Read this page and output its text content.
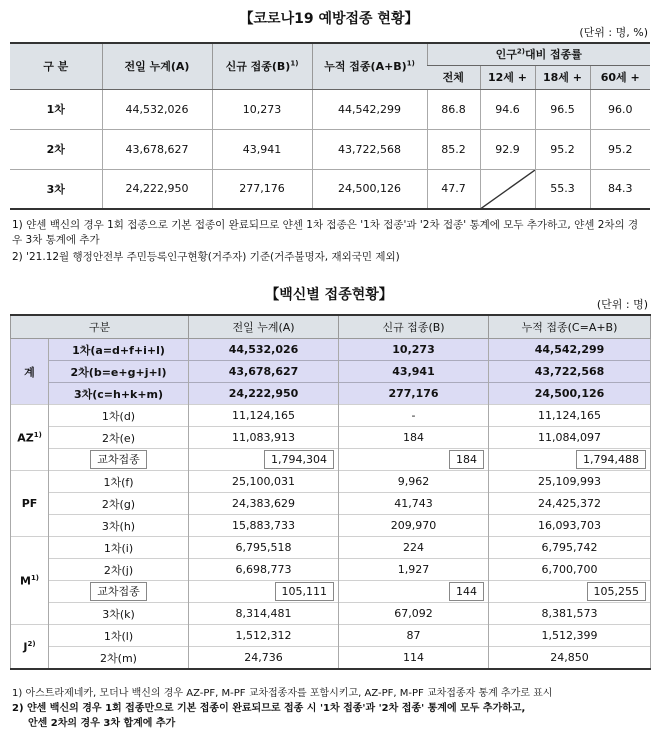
【코로나19 예방접종 현황】
(단위 : 명, %)
구 분	전일 누계(A)	신규 접종$(B)^{1)}$	누적 접종$(A+B)^{1)}$	인구$^{2)}$대비 접종률			
				전체	12세 +	18세 +	60세 +
1차	44,532,026	10,273	44,542,299	86.8	94.6	96.5	96.0
2차	43,678,627	43,941	43,722,568	85.2	92.9	95.2	95.2
3차	24,222,950	277,176	24,500,126	47.7		55.3	84.3
1) 얀센 백신의 경우 1회 접종으로 기본 접종이 완료되므로 얀센 1차 접종은 '1차 접종'과 '2차 접종' 통계에 모두 추가하고, 얀센 2차의 경우 3차 통계에 추가
2) '21.12월 행정안전부 주민등록인구현황(거주자) 기준(거주불명자, 재외국민 제외)
【백신별 접종현황】
(단위 : 명)
구분		전일 누계(A)	신규 접종(B)	누적 접종(C=A+B)
계	1차(a=d+f+i+l)	44,532,026	10,273	44,542,299
	2차(b=e+g+j+l)	43,678,627	43,941	43,722,568
	3차(c=h+k+m)	24,222,950	277,176	24,500,126
AZ$^{1)}$	1차(d)	11,124,165	-	11,124,165
	2차(e)	11,083,913	184	11,084,097
	교차접종	1,794,304	184	1,794,488
PF	1차(f)	25,100,031	9,962	25,109,993
	2차(g)	24,383,629	41,743	24,425,372
	3차(h)	15,883,733	209,970	16,093,703
$M^{1)}$	1차(i)	6,795,518	224	6,795,742
	2차(j)	6,698,773	1,927	6,700,700
	교차접종	105,111	144	105,255
	3차(k)	8,314,481	67,092	8,381,573
$J^{2)}$	1차(l)	1,512,312	87	1,512,399
	2차(m)	24,736	114	24,850
1) 아스트라제네카, 모더나 백신의 경우 AZ-PF, M-PF 교차접종자를 포함시키고, AZ-PF, M-PF 교차접종자 통계 추가로 표시
2) 얀센 백신의 경우 1회 접종만으로 기본 접종이 완료되므로 접종 시 '1차 접종'과 '2차 접종' 통계에 모두 추가하고,
안센 2차의 경우 3차 합계에 추가
